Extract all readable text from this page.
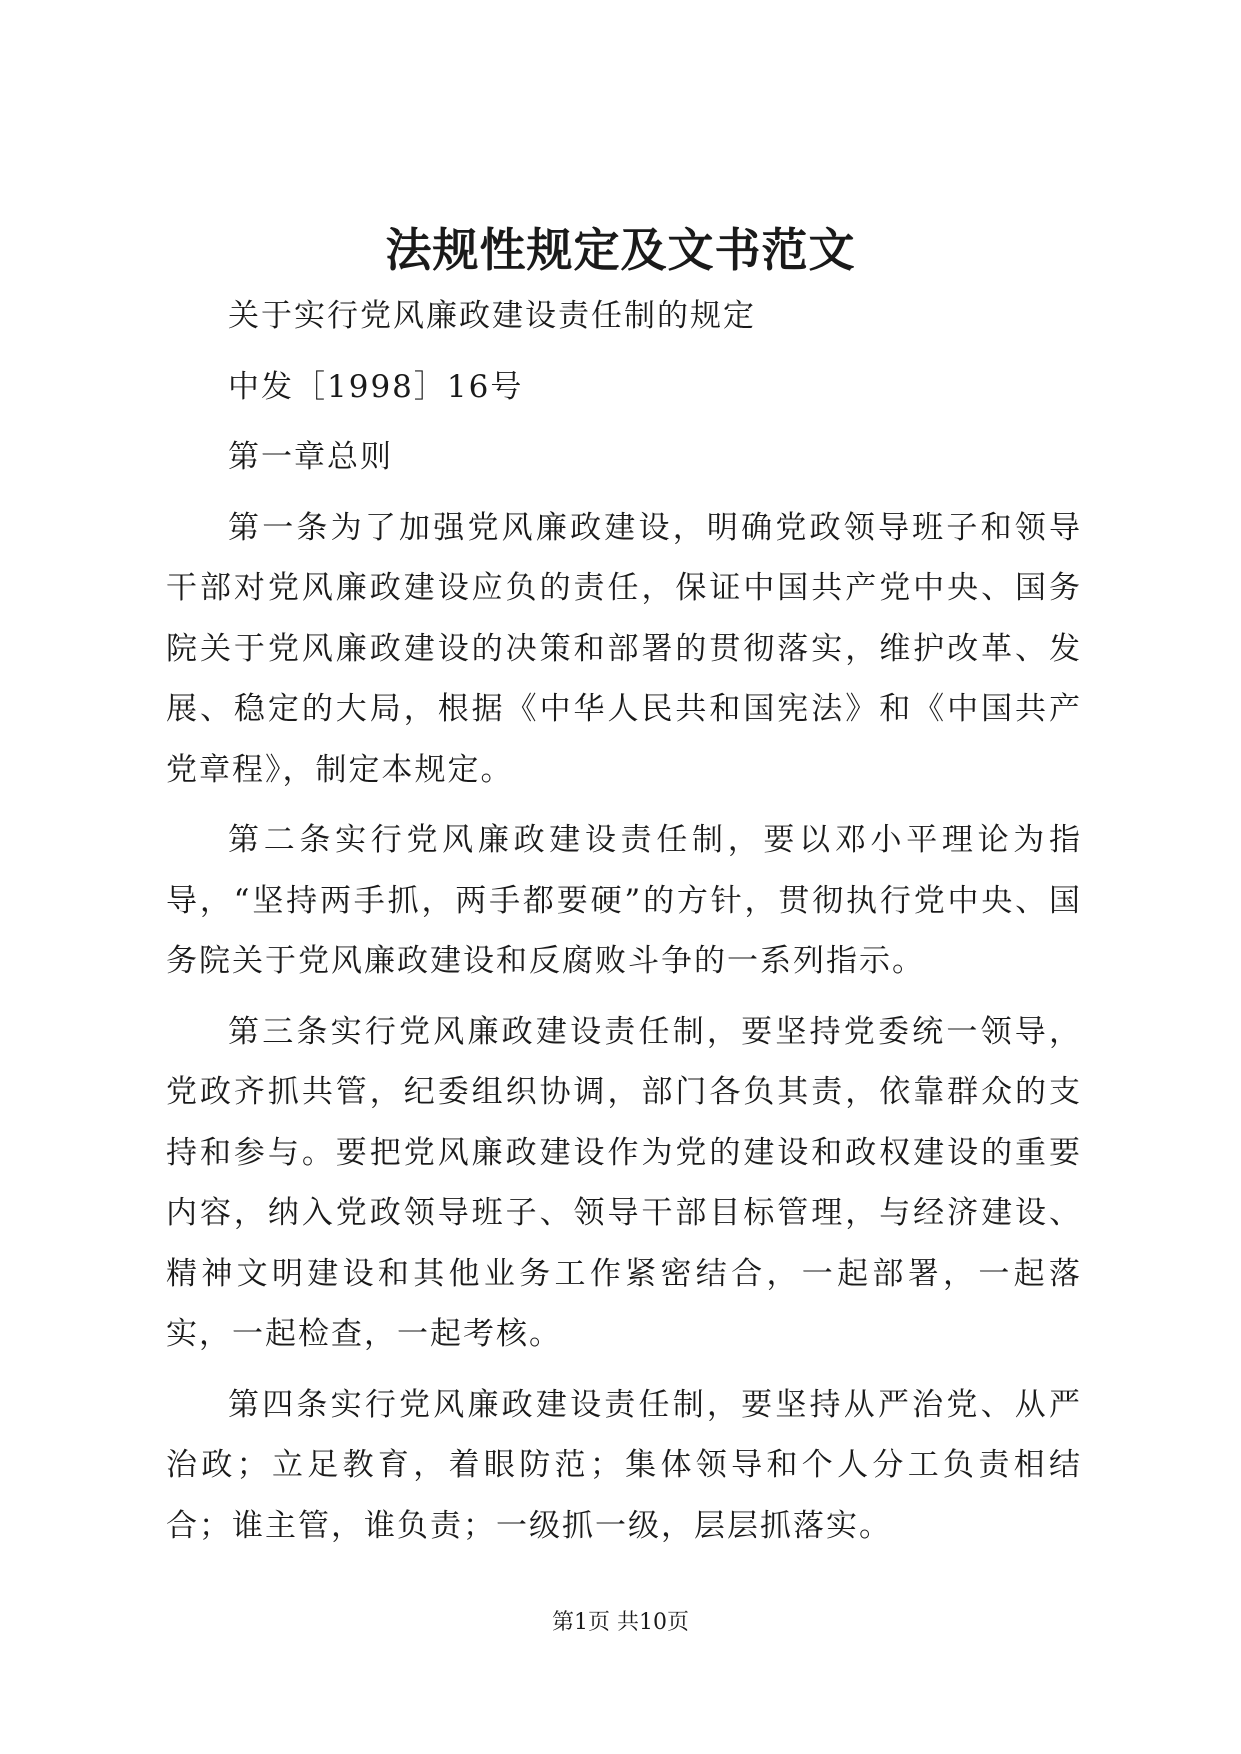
法规性规定及文书范文

关于实行党风廉政建设责任制的规定

中发［1998］16号

第一章总则

第一条为了加强党风廉政建设，明确党政领导班子和领导干部对党风廉政建设应负的责任，保证中国共产党中央、国务院关于党风廉政建设的决策和部署的贯彻落实，维护改革、发展、稳定的大局，根据《中华人民共和国宪法》和《中国共产党章程》，制定本规定。

第二条实行党风廉政建设责任制，要以邓小平理论为指导，“坚持两手抓，两手都要硬”的方针，贯彻执行党中央、国务院关于党风廉政建设和反腐败斗争的一系列指示。

第三条实行党风廉政建设责任制，要坚持党委统一领导，党政齐抓共管，纪委组织协调，部门各负其责，依靠群众的支持和参与。要把党风廉政建设作为党的建设和政权建设的重要内容，纳入党政领导班子、领导干部目标管理，与经济建设、精神文明建设和其他业务工作紧密结合，一起部署，一起落实，一起检查，一起考核。

第四条实行党风廉政建设责任制，要坚持从严治党、从严治政；立足教育，着眼防范；集体领导和个人分工负责相结合；谁主管，谁负责；一级抓一级，层层抓落实。

第1页 共10页
